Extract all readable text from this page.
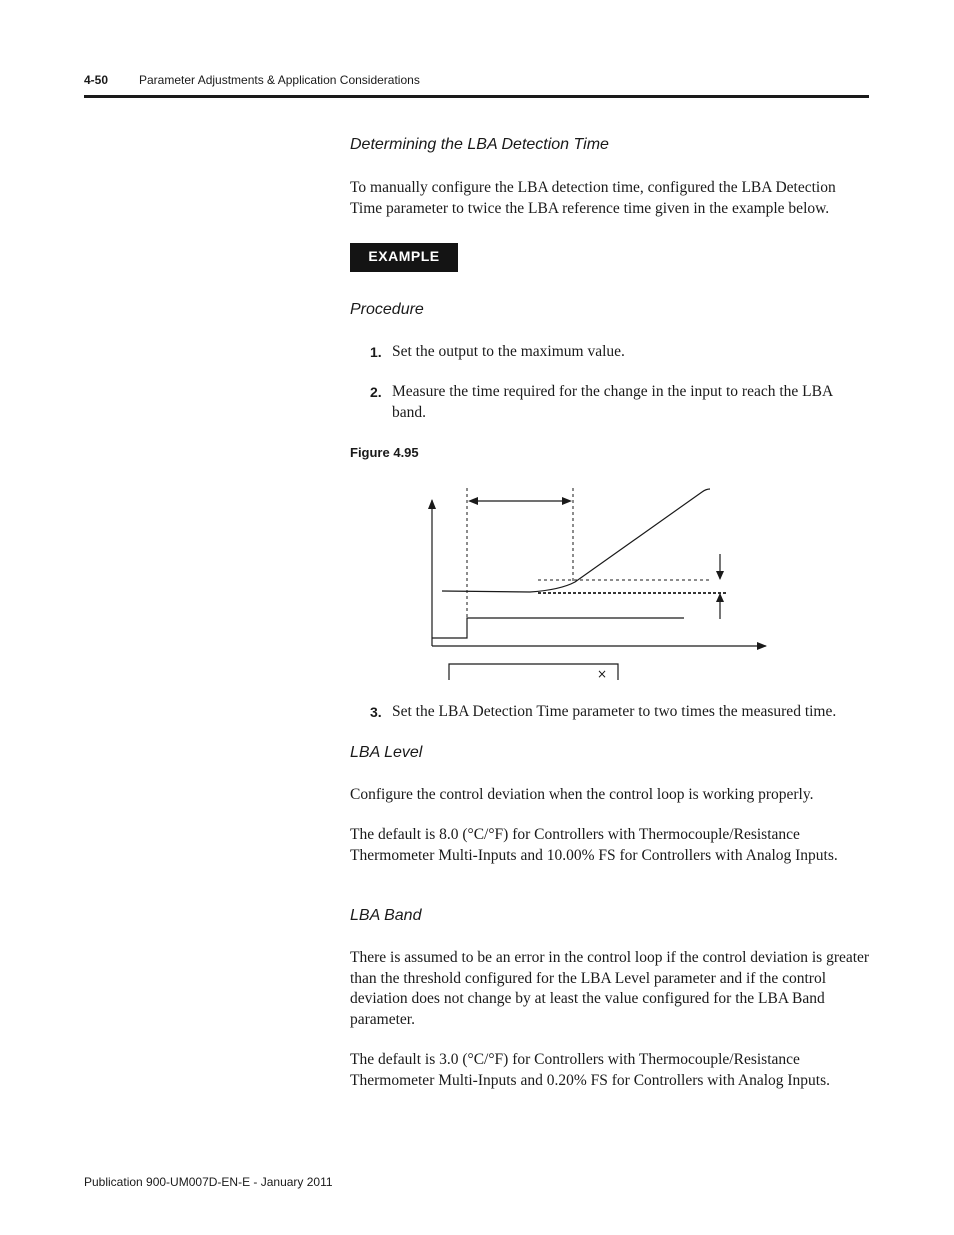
4-50	Parameter Adjustments & Application Considerations
Determining the LBA Detection Time
To manually configure the LBA detection time, configured the LBA Detection Time parameter to twice the LBA reference time given in the example below.
EXAMPLE
Procedure
1. Set the output to the maximum value.
2. Measure the time required for the change in the input to reach the LBA band.
Figure 4.95
×
3. Set the LBA Detection Time parameter to two times the measured time.
LBA Level
Configure the control deviation when the control loop is working properly.
The default is 8.0 (°C/°F) for Controllers with Thermocouple/Resistance Thermometer Multi-Inputs and 10.00% FS for Controllers with Analog Inputs.
LBA Band
There is assumed to be an error in the control loop if the control deviation is greater than the threshold configured for the LBA Level parameter and if the control deviation does not change by at least the value configured for the LBA Band parameter.
The default is 3.0 (°C/°F) for Controllers with Thermocouple/Resistance Thermometer Multi-Inputs and 0.20% FS for Controllers with Analog Inputs.
Publication 900-UM007D-EN-E - January 2011
